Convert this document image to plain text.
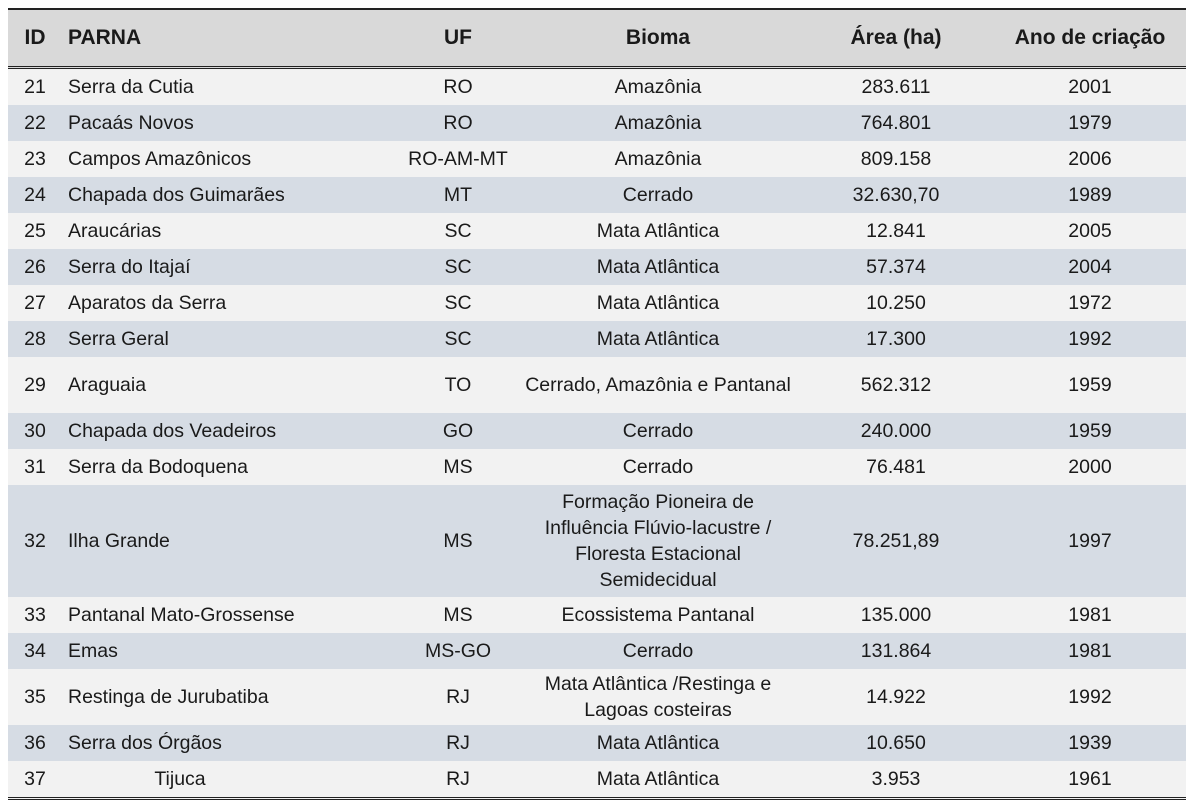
ID	PARNA	UF	Bioma	Área (ha)	Ano de criação
21	Serra da Cutia	RO	Amazônia	283.611	2001
22	Pacaás Novos	RO	Amazônia	764.801	1979
23	Campos Amazônicos	RO-AM-MT	Amazônia	809.158	2006
24	Chapada dos Guimarães	MT	Cerrado	32.630,70	1989
25	Araucárias	SC	Mata Atlântica	12.841	2005
26	Serra do Itajaí	SC	Mata Atlântica	57.374	2004
27	Aparatos da Serra	SC	Mata Atlântica	10.250	1972
28	Serra Geral	SC	Mata Atlântica	17.300	1992
29	Araguaia	TO	Cerrado, Amazônia e Pantanal	562.312	1959
30	Chapada dos Veadeiros	GO	Cerrado	240.000	1959
31	Serra da Bodoquena	MS	Cerrado	76.481	2000
32	Ilha Grande	MS	Formação Pioneira de Influência Flúvio-lacustre / Floresta Estacional Semidecidual	78.251,89	1997
33	Pantanal Mato-Grossense	MS	Ecossistema Pantanal	135.000	1981
34	Emas	MS-GO	Cerrado	131.864	1981
35	Restinga de Jurubatiba	RJ	Mata Atlântica /Restinga e Lagoas costeiras	14.922	1992
36	Serra dos Órgãos	RJ	Mata Atlântica	10.650	1939
37	Tijuca	RJ	Mata Atlântica	3.953	1961
